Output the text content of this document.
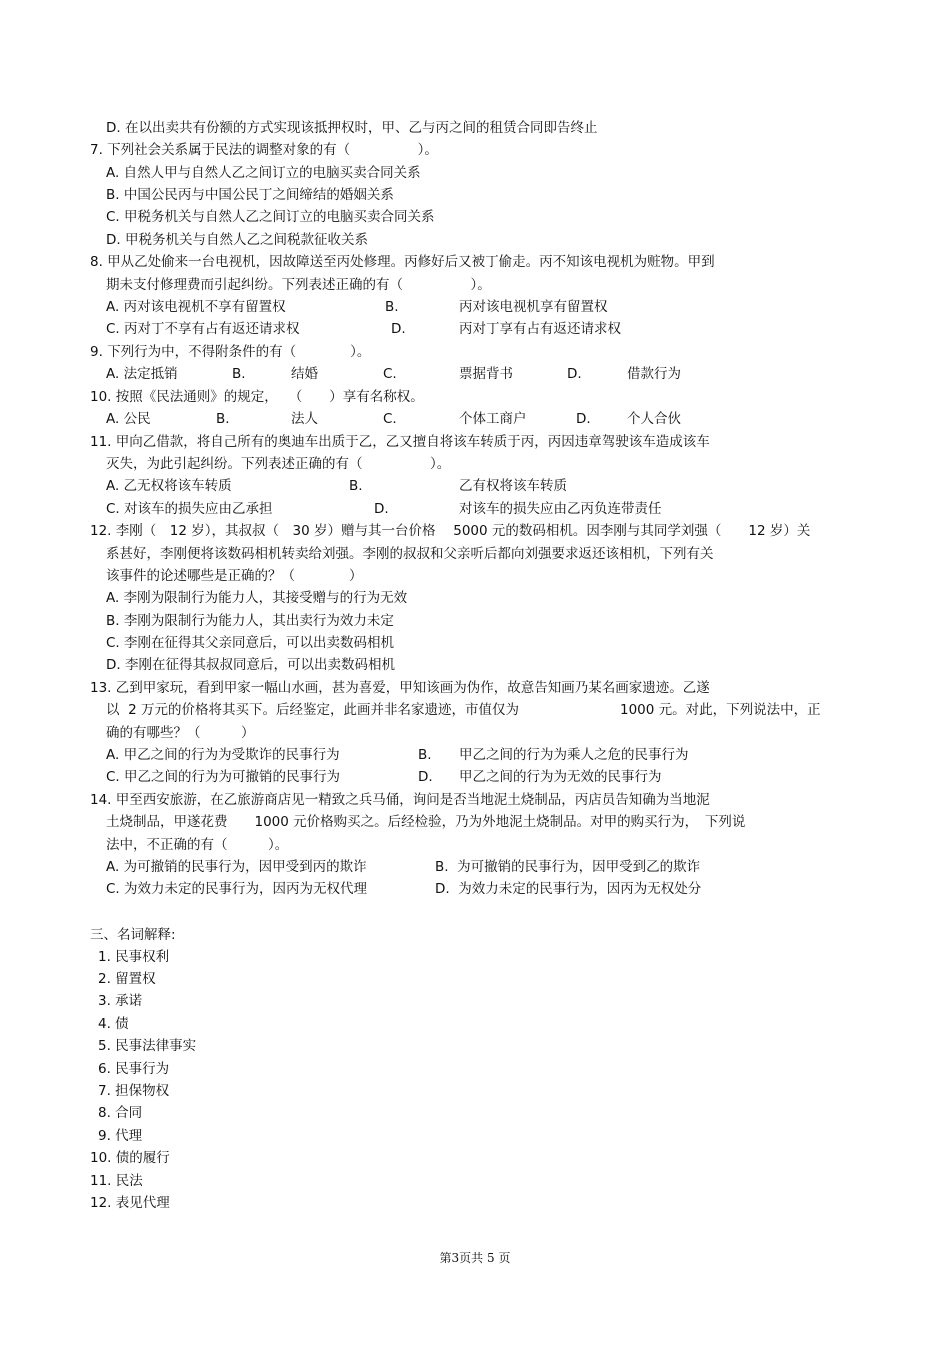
D. 在以出卖共有份额的方式实现该抵押权时，甲、乙与丙之间的租赁合同即告终止
7. 下列社会关系属于民法的调整对象的有（　　　　　）。
A. 自然人甲与自然人乙之间订立的电脑买卖合同关系
B. 中国公民丙与中国公民丁之间缔结的婚姻关系
C. 甲税务机关与自然人乙之间订立的电脑买卖合同关系
D. 甲税务机关与自然人乙之间税款征收关系
8. 甲从乙处偷来一台电视机，因故障送至丙处修理。丙修好后又被丁偷走。丙不知该电视机为赃物。甲到
期未支付修理费而引起纠纷。下列表述正确的有（　　　　　）。
A. 丙对该电视机不享有留置权	B.	丙对该电视机享有留置权
C. 丙对丁不享有占有返还请求权	D.	丙对丁享有占有返还请求权
9. 下列行为中，不得附条件的有（　　　　）。
A. 法定抵销	B.	结婚	C.	票据背书	D.	借款行为
10. 按照《民法通则》的规定，　 （　　）享有名称权。
A. 公民	B.	法人	C.	个体工商户	D.	个人合伙
11. 甲向乙借款，将自己所有的奥迪车出质于乙，乙又擅自将该车转质于丙，丙因违章驾驶该车造成该车
灭失，为此引起纠纷。下列表述正确的有（　　　　　）。
A. 乙无权将该车转质	B.	乙有权将该车转质
C. 对该车的损失应由乙承担	D.	对该车的损失应由乙丙负连带责任
12. 李刚（　12 岁），其叔叔（　30 岁）赠与其一台价格　 5000 元的数码相机。因李刚与其同学刘强（　　12 岁）关
系甚好，李刚便将该数码相机转卖给刘强。李刚的叔叔和父亲听后都向刘强要求返还该相机，下列有关
该事件的论述哪些是正确的？（　　　　）
A. 李刚为限制行为能力人，其接受赠与的行为无效
B. 李刚为限制行为能力人，其出卖行为效力未定
C. 李刚在征得其父亲同意后，可以出卖数码相机
D. 李刚在征得其叔叔同意后，可以出卖数码相机
13. 乙到甲家玩，看到甲家一幅山水画，甚为喜爱，甲知该画为伪作，故意告知画乃某名画家遗迹。乙遂
以  2 万元的价格将其买下。后经鉴定，此画并非名家遗迹，市值仅为	1000 元。对此，下列说法中，正
确的有哪些？（　　　）
A. 甲乙之间的行为为受欺诈的民事行为	B. 甲乙之间的行为为乘人之危的民事行为
C. 甲乙之间的行为为可撤销的民事行为	D. 甲乙之间的行为为无效的民事行为
14. 甲至西安旅游，在乙旅游商店见一精致之兵马俑，询问是否当地泥土烧制品，丙店员告知确为当地泥
土烧制品，甲遂花费　　1000 元价格购买之。后经检验，乃为外地泥土烧制品。对甲的购买行为，　下列说
法中，不正确的有（　　　）。
A. 为可撤销的民事行为，因甲受到丙的欺诈	B.  为可撤销的民事行为，因甲受到乙的欺诈
C. 为效力未定的民事行为，因丙为无权代理	D.  为效力未定的民事行为，因丙为无权处分
三、名词解释:
1. 民事权利
2. 留置权
3. 承诺
4. 债
5. 民事法律事实
6. 民事行为
7. 担保物权
8. 合同
9. 代理
10. 债的履行
11. 民法
12. 表见代理
第3页共 5 页
